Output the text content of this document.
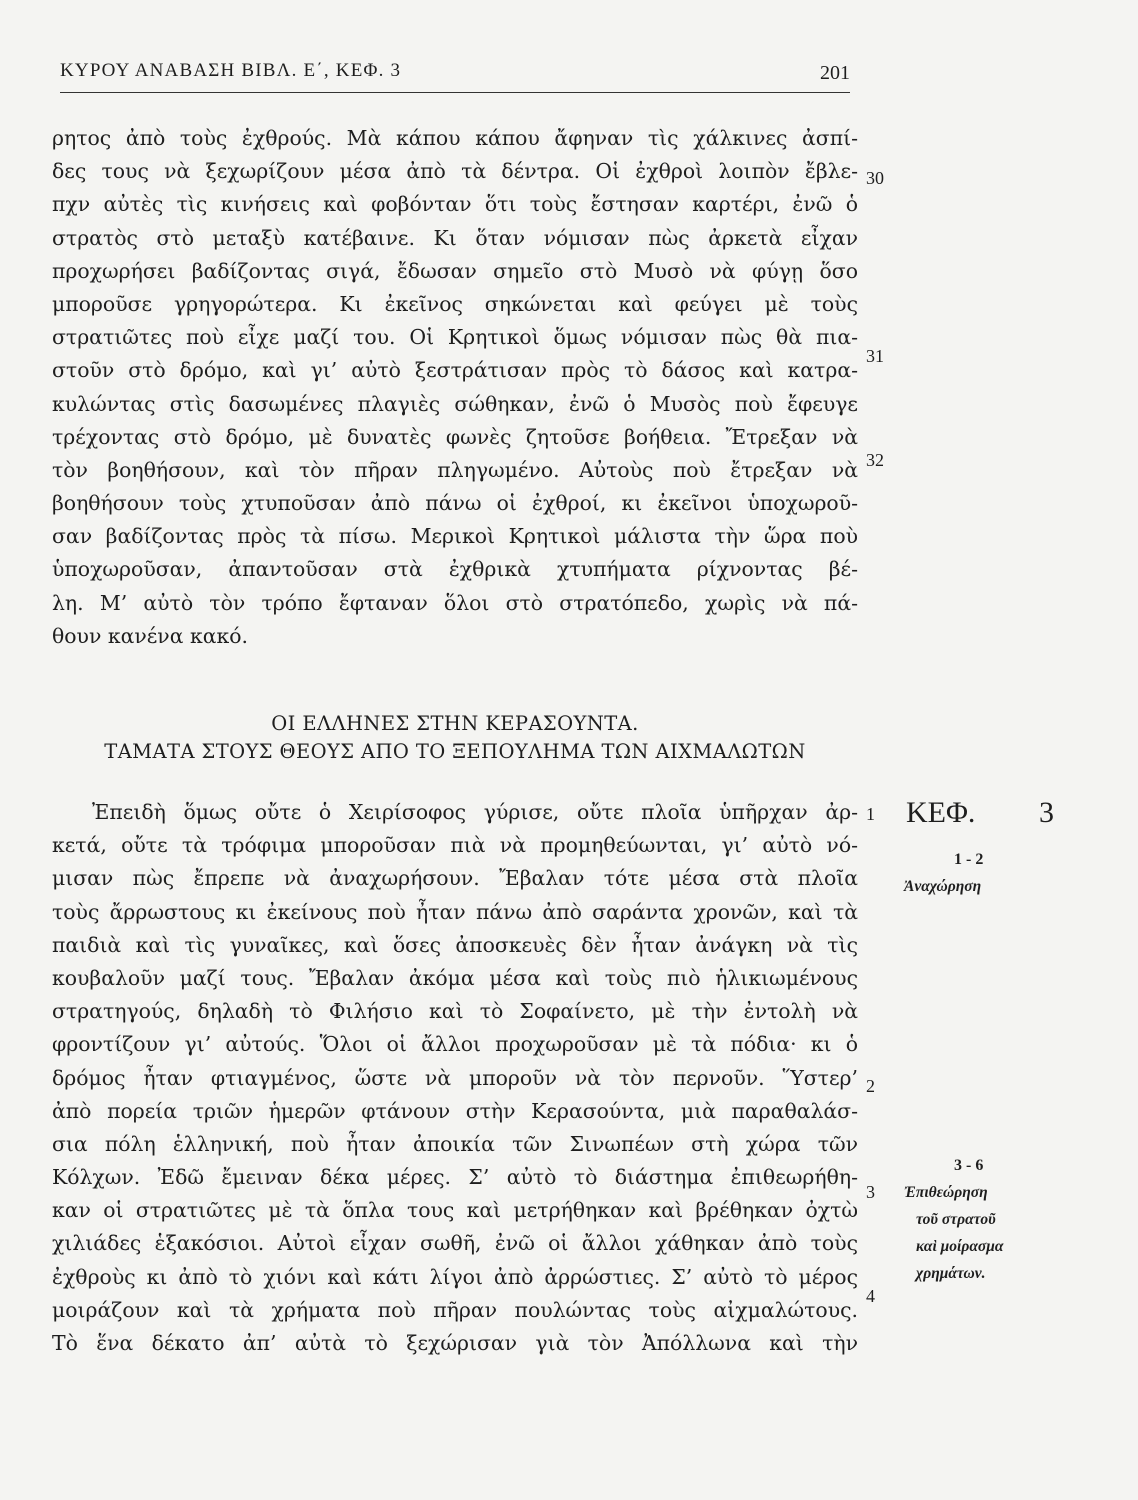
ΚΥΡΟΥ ΑΝΑΒΑΣΗ ΒΙΒΛ. Ε΄, ΚΕΦ. 3	201
ρητος ἀπὸ τοὺς ἐχθρούς. Μὰ κάπου κάπου ἄφηναν τὶς χάλκινες ἀσπί-
δες τους νὰ ξεχωρίζουν μέσα ἀπὸ τὰ δέντρα. Οἱ ἐχθροὶ λοιπὸν ἔβλε-
πχν αὐτὲς τὶς κινήσεις καὶ φοβόνταν ὅτι τοὺς ἔστησαν καρτέρι, ἐνῶ ὁ
στρατὸς στὸ μεταξὺ κατέβαινε. Κι ὅταν νόμισαν πὼς ἀρκετὰ εἶχαν
προχωρήσει βαδίζοντας σιγά, ἔδωσαν σημεῖο στὸ Μυσὸ νὰ φύγῃ ὅσο
μποροῦσε γρηγορώτερα. Κι ἐκεῖνος σηκώνεται καὶ φεύγει μὲ τοὺς
στρατιῶτες ποὺ εἶχε μαζί του. Οἱ Κρητικοὶ ὅμως νόμισαν πὼς θὰ πια-
στοῦν στὸ δρόμο, καὶ γι’ αὐτὸ ξεστράτισαν πρὸς τὸ δάσος καὶ κατρα-
κυλώντας στὶς δασωμένες πλαγιὲς σώθηκαν, ἐνῶ ὁ Μυσὸς ποὺ ἔφευγε
τρέχοντας στὸ δρόμο, μὲ δυνατὲς φωνὲς ζητοῦσε βοήθεια. Ἔτρεξαν νὰ
τὸν βοηθήσουν, καὶ τὸν πῆραν πληγωμένο. Αὐτοὺς ποὺ ἔτρεξαν νὰ
βοηθήσουν τοὺς χτυποῦσαν ἀπὸ πάνω οἱ ἐχθροί, κι ἐκεῖνοι ὑποχωροῦ-
σαν βαδίζοντας πρὸς τὰ πίσω. Μερικοὶ Κρητικοὶ μάλιστα τὴν ὥρα ποὺ
ὑποχωροῦσαν, ἀπαντοῦσαν στὰ ἐχθρικὰ χτυπήματα ρίχνοντας βέ-
λη. Μ’ αὐτὸ τὸν τρόπο ἔφταναν ὅλοι στὸ στρατόπεδο, χωρὶς νὰ πά-
θουν κανένα κακό.
ΟΙ ΕΛΛΗΝΕΣ ΣΤΗΝ ΚΕΡΑΣΟΥΝΤΑ.
ΤΑΜΑΤΑ ΣΤΟΥΣ ΘΕΟΥΣ ΑΠΟ ΤΟ ΞΕΠΟΥΛΗΜΑ ΤΩΝ ΑΙΧΜΑΛΩΤΩΝ
Ἐπειδὴ ὅμως οὔτε ὁ Χειρίσοφος γύρισε, οὔτε πλοῖα ὑπῆρχαν ἀρ-
κετά, οὔτε τὰ τρόφιμα μποροῦσαν πιὰ νὰ προμηθεύωνται, γι’ αὐτὸ νό-
μισαν πὼς ἔπρεπε νὰ ἀναχωρήσουν. Ἔβαλαν τότε μέσα στὰ πλοῖα
τοὺς ἄρρωστους κι ἐκείνους ποὺ ἦταν πάνω ἀπὸ σαράντα χρονῶν, καὶ τὰ
παιδιὰ καὶ τὶς γυναῖκες, καὶ ὅσες ἀποσκευὲς δὲν ἦταν ἀνάγκη νὰ τὶς
κουβαλοῦν μαζί τους. Ἔβαλαν ἀκόμα μέσα καὶ τοὺς πιὸ ἡλικιωμένους
στρατηγούς, δηλαδὴ τὸ Φιλήσιο καὶ τὸ Σοφαίνετο, μὲ τὴν ἐντολὴ νὰ
φροντίζουν γι’ αὐτούς. Ὅλοι οἱ ἄλλοι προχωροῦσαν μὲ τὰ πόδια· κι ὁ
δρόμος ἦταν φτιαγμένος, ὥστε νὰ μποροῦν νὰ τὸν περνοῦν. Ὕστερ’
ἀπὸ πορεία τριῶν ἡμερῶν φτάνουν στὴν Κερασούντα, μιὰ παραθαλάσ-
σια πόλη ἑλληνική, ποὺ ἦταν ἀποικία τῶν Σινωπέων στὴ χώρα τῶν
Κόλχων. Ἐδῶ ἔμειναν δέκα μέρες. Σ’ αὐτὸ τὸ διάστημα ἐπιθεωρήθη-
καν οἱ στρατιῶτες μὲ τὰ ὅπλα τους καὶ μετρήθηκαν καὶ βρέθηκαν ὀχτὼ
χιλιάδες ἑξακόσιοι. Αὐτοὶ εἶχαν σωθῆ, ἐνῶ οἱ ἄλλοι χάθηκαν ἀπὸ τοὺς
ἐχθροὺς κι ἀπὸ τὸ χιόνι καὶ κάτι λίγοι ἀπὸ ἀρρώστιες. Σ’ αὐτὸ τὸ μέρος
μοιράζουν καὶ τὰ χρήματα ποὺ πῆραν πουλώντας τοὺς αἰχμαλώτους.
Τὸ ἕνα δέκατο ἀπ’ αὐτὰ τὸ ξεχώρισαν γιὰ τὸν Ἀπόλλωνα καὶ τὴν
30
31
32
1
2
3
4
ΚΕΦ. 3
1 - 2
Ἀναχώρηση
3 - 6
Ἐπιθεώρηση
τοῦ στρατοῦ
καὶ μοίρασμα
χρημάτων.
